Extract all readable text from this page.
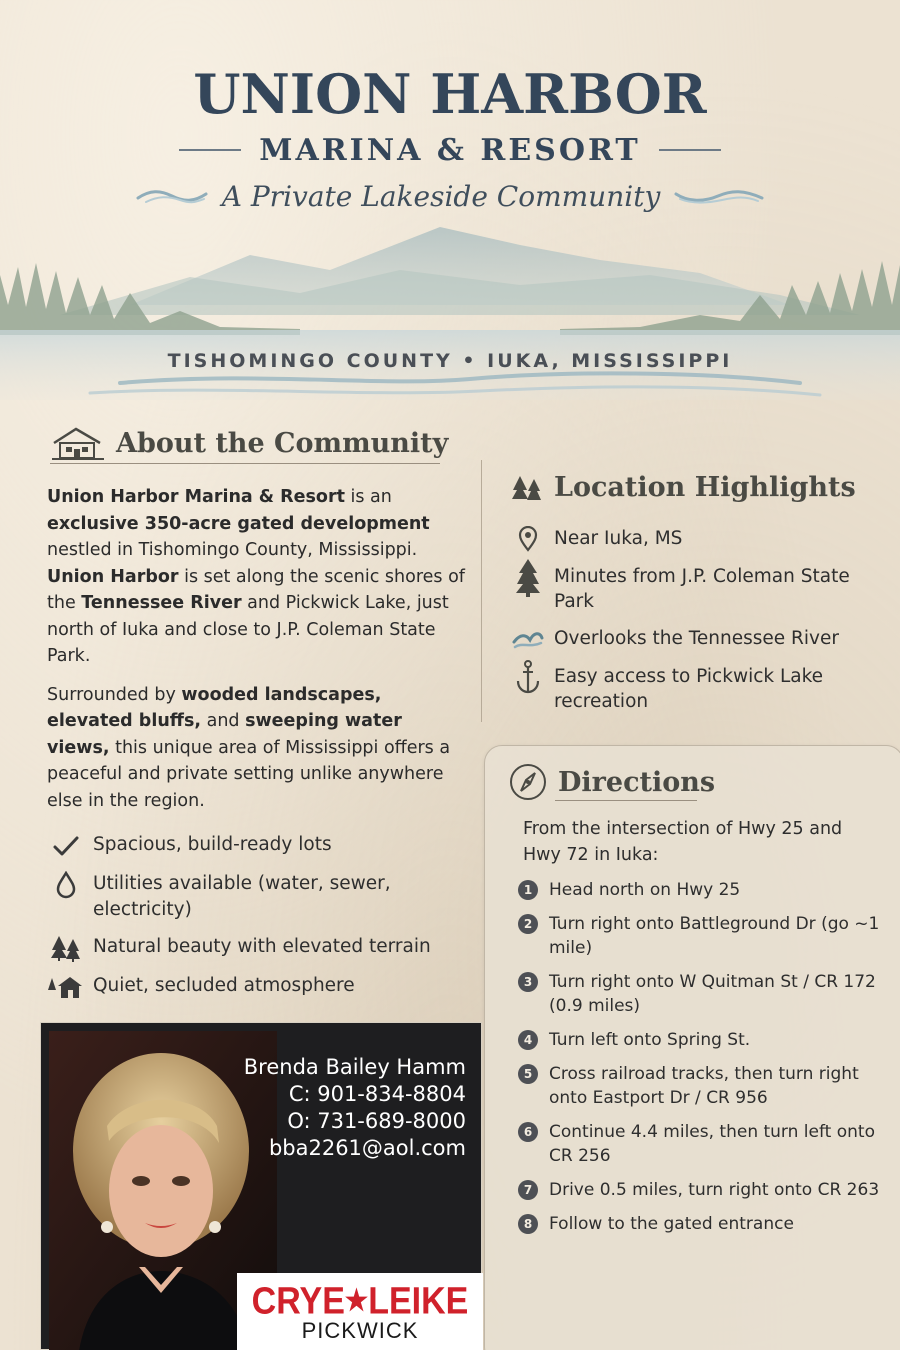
UNION HARBOR
MARINA & RESORT
A Private Lakeside Community
TISHOMINGO COUNTY • IUKA, MISSISSIPPI
About the Community

Union Harbor Marina & Resort is an exclusive 350-acre gated development nestled in Tishomingo County, Mississippi. Union Harbor is set along the scenic shores of the Tennessee River and Pickwick Lake, just north of Iuka and close to J.P. Coleman State Park.

Surrounded by wooded landscapes, elevated bluffs, and sweeping water views, this unique area of Mississippi offers a peaceful and private setting unlike anywhere else in the region.

Spacious, build-ready lots
Utilities available (water, sewer, electricity)
Natural beauty with elevated terrain
Quiet, secluded atmosphere
Location Highlights
Near Iuka, MS
Minutes from J.P. Coleman State Park
Overlooks the Tennessee River
Easy access to Pickwick Lake recreation
Directions
From the intersection of Hwy 25 and Hwy 72 in Iuka:
1 Head north on Hwy 25
2 Turn right onto Battleground Dr (go ~1 mile)
3 Turn right onto W Quitman St / CR 172 (0.9 miles)
4 Turn left onto Spring St.
5 Cross railroad tracks, then turn right onto Eastport Dr / CR 956
6 Continue 4.4 miles, then turn left onto CR 256
7 Drive 0.5 miles, turn right onto CR 263
8 Follow to the gated entrance
Brenda Bailey Hamm
C: 901-834-8804
O: 731-689-8000
bba2261@aol.com
CRYE★LEIKE
PICKWICK
